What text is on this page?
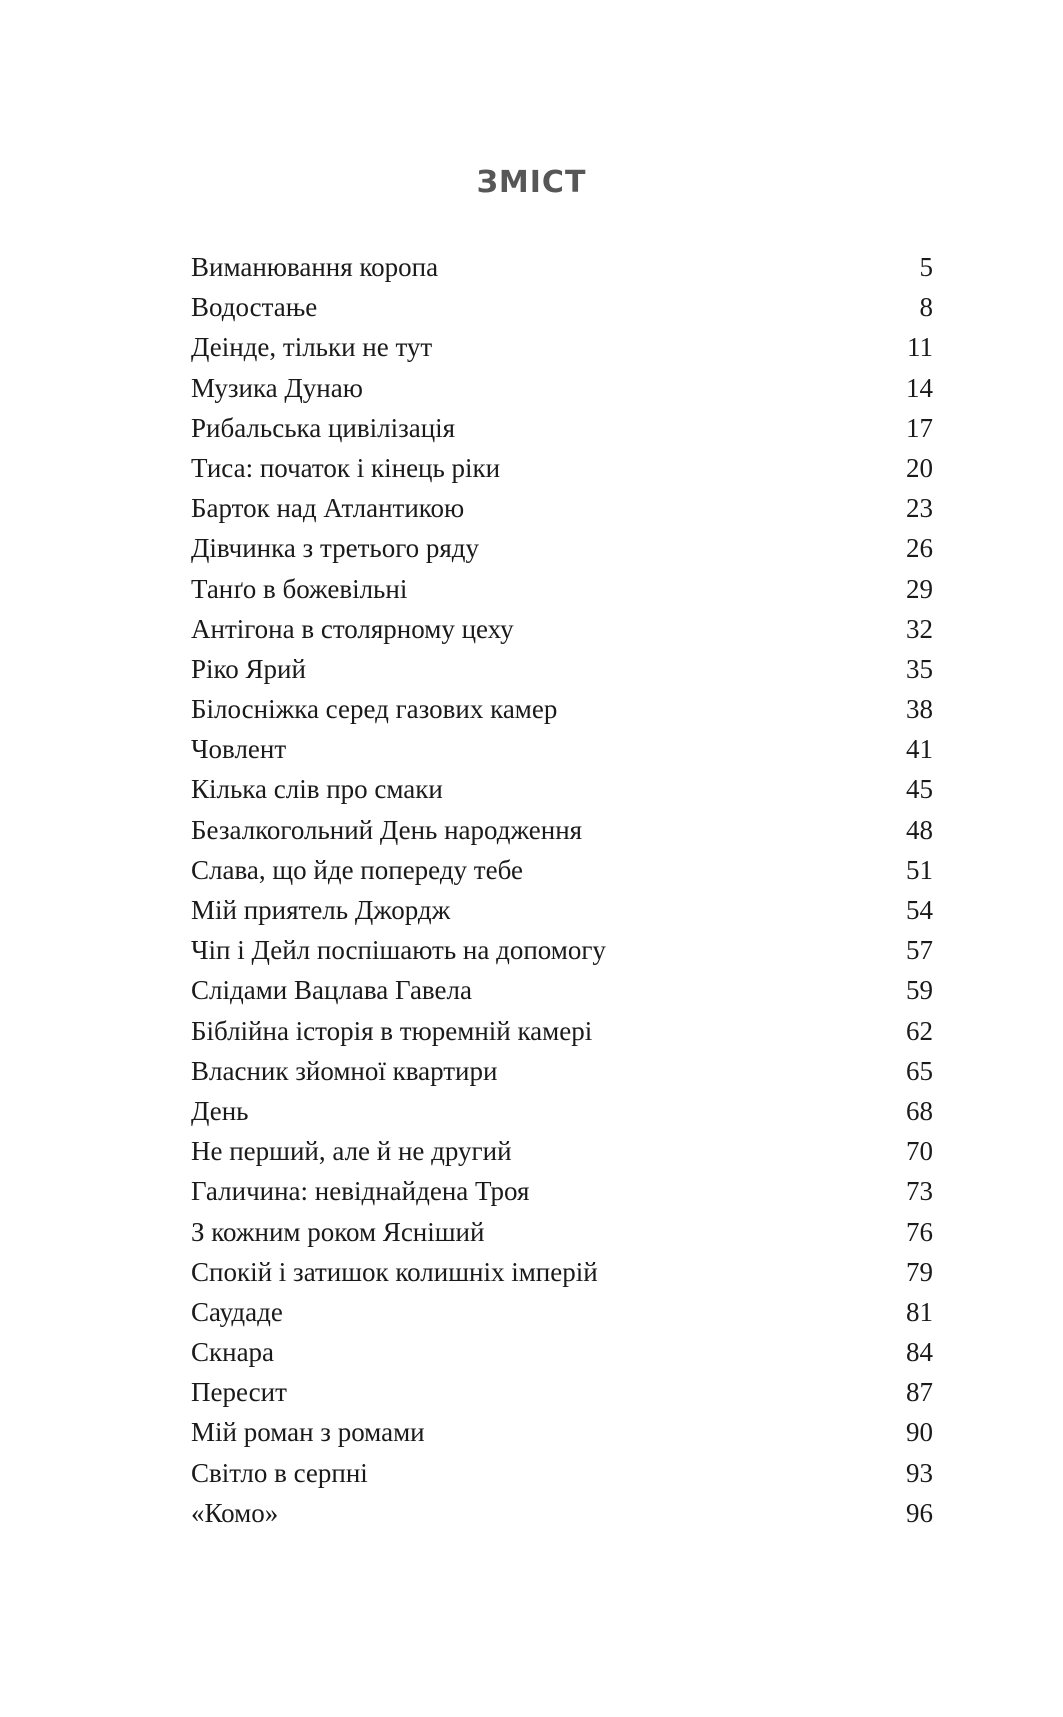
ЗМІСТ
Виманювання коропа	5
Водостање	8
Деінде, тільки не тут	11
Музика Дунаю	14
Рибальська цивілізація	17
Тиса: початок і кінець ріки	20
Барток над Атлантикою	23
Дівчинка з третього ряду	26
Танґо в божевільні	29
Антігона в столярному цеху	32
Ріко Ярий	35
Білосніжка серед газових камер	38
Човлент	41
Кілька слів про смаки	45
Безалкогольний День народження	48
Слава, що йде попереду тебе	51
Мій приятель Джордж	54
Чіп і Дейл поспішають на допомогу	57
Слідами Вацлава Гавела	59
Біблійна історія в тюремній камері	62
Власник зйомної квартири	65
День	68
Не перший, але й не другий	70
Галичина: невіднайдена Троя	73
З кожним роком Ясніший	76
Спокій і затишок колишніх імперій	79
Саудаде	81
Скнара	84
Пересит	87
Мій роман з ромами	90
Світло в серпні	93
«Комо»	96
